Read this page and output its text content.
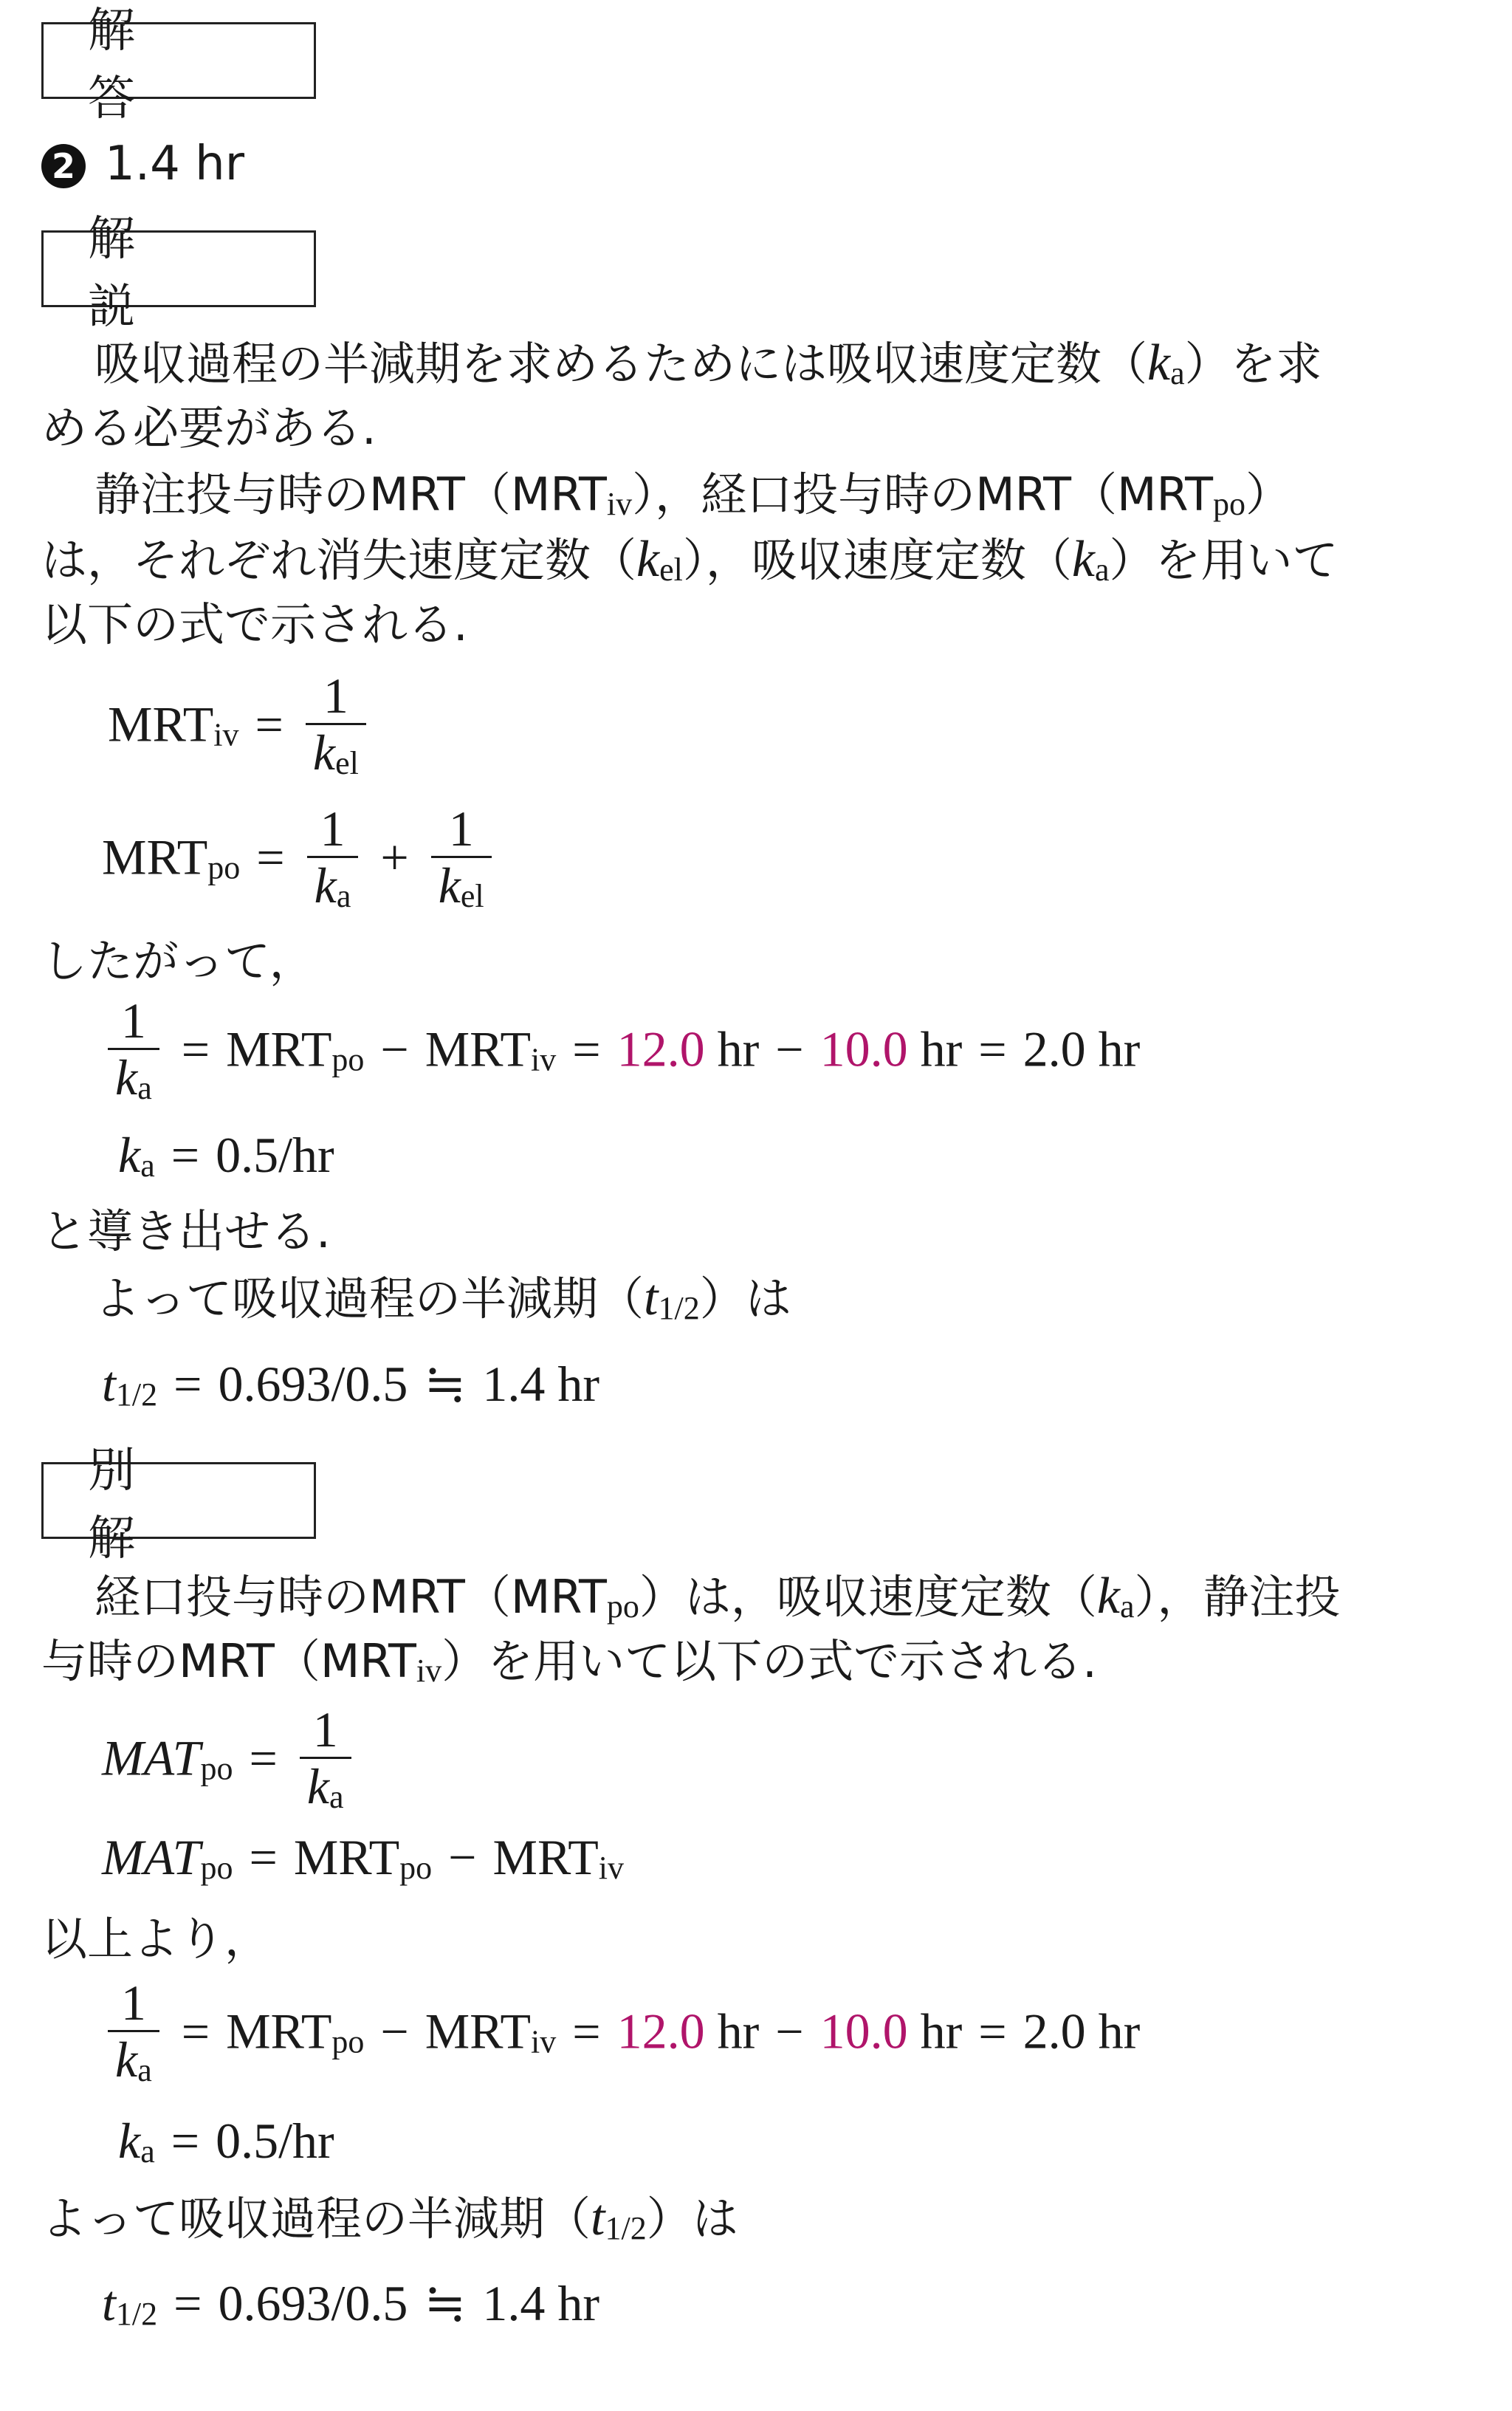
解　答
2 1.4 hr
解　説
吸収過程の半減期を求めるためには吸収速度定数（ka）を求
める必要がある.
静注投与時のMRT（MRTiv），経口投与時のMRT（MRTpo）
は，それぞれ消失速度定数（kel），吸収速度定数（ka）を用いて
以下の式で示される.
MRTiv = $\frac{1}{\text{kel}}$
MRTpo = $\frac{1}{ka} + \frac{1}{\text{kel}}$
したがって，
$\frac{1}{ka}$ = MRTpo − MRTiv = 12.0 hr − 10.0 hr = 2.0 hr
ka = 0.5/hr
と導き出せる.
よって吸収過程の半減期（t1/2）は
t1/2 = 0.693/0.5 ≒ 1.4 hr
別　解
経口投与時のMRT（MRTpo）は，吸収速度定数（ka），静注投
与時のMRT（MRTiv）を用いて以下の式で示される.
MATpo = $\frac{1}{ka}$
MATpo = MRTpo − MRTiv
以上より，
$\frac{1}{ka}$ = MRTpo − MRTiv = 12.0 hr − 10.0 hr = 2.0 hr
ka = 0.5/hr
よって吸収過程の半減期（t1/2）は
t1/2 = 0.693/0.5 ≒ 1.4 hr
